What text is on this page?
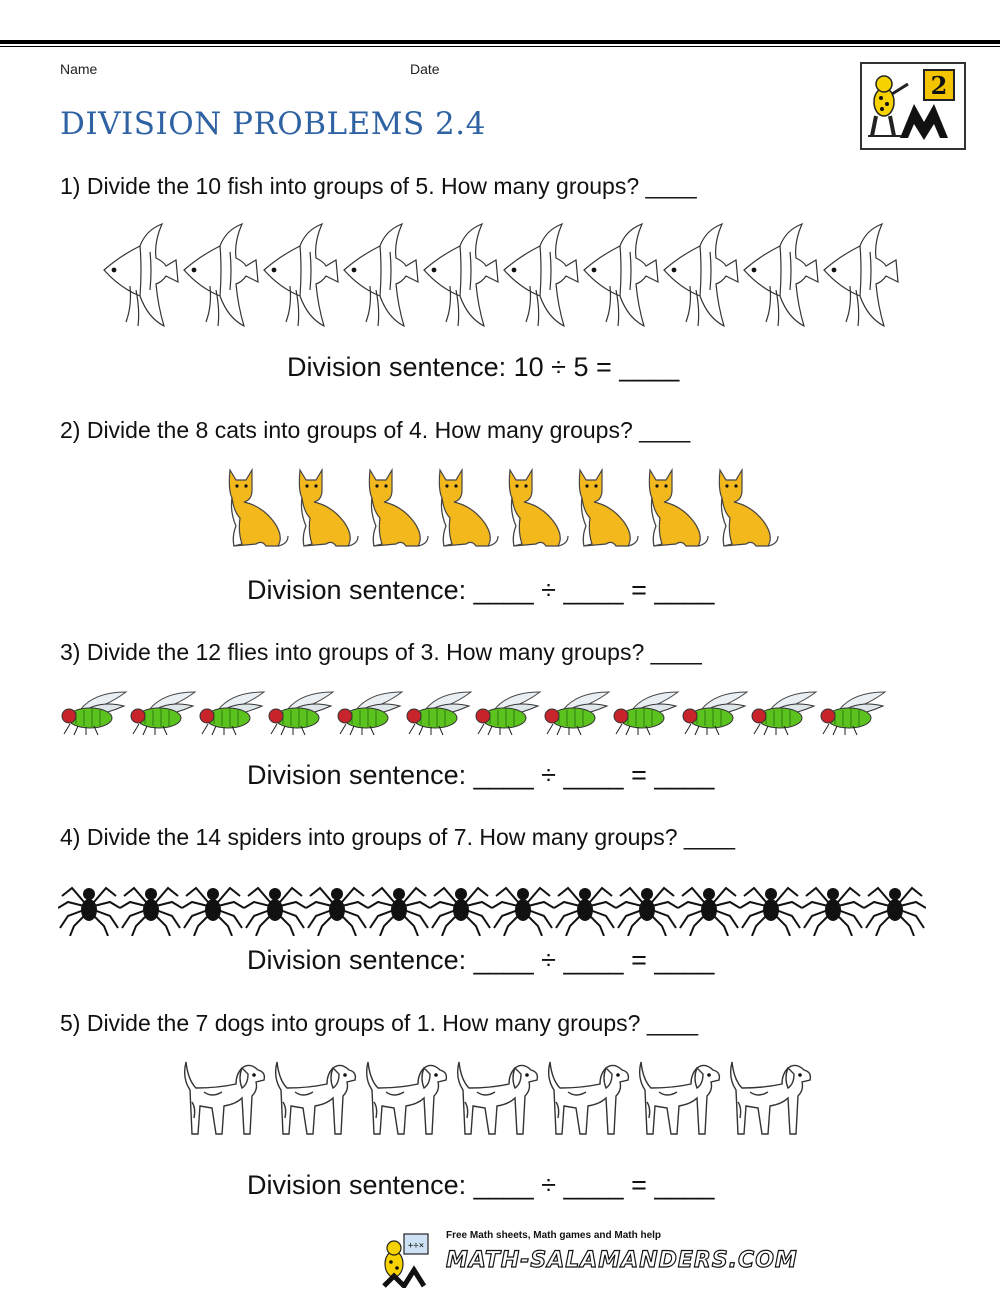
Name	Date
DIVISION PROBLEMS 2.4
2
1) Divide the 10 fish into groups of 5. How many groups? ____
Division sentence: 10 ÷ 5 = ____
2) Divide the 8 cats into groups of 4. How many groups? ____
Division sentence: ____ ÷ ____ = ____
3) Divide the 12 flies into groups of 3. How many groups? ____
Division sentence: ____ ÷ ____ = ____
4) Divide the 14 spiders into groups of 7. How many groups? ____
Division sentence: ____ ÷ ____ = ____
5) Divide the 7 dogs into groups of 1. How many groups? ____
Division sentence: ____ ÷ ____ = ____
+÷×
Free Math sheets, Math games and Math help
MATH-SALAMANDERS.COM
